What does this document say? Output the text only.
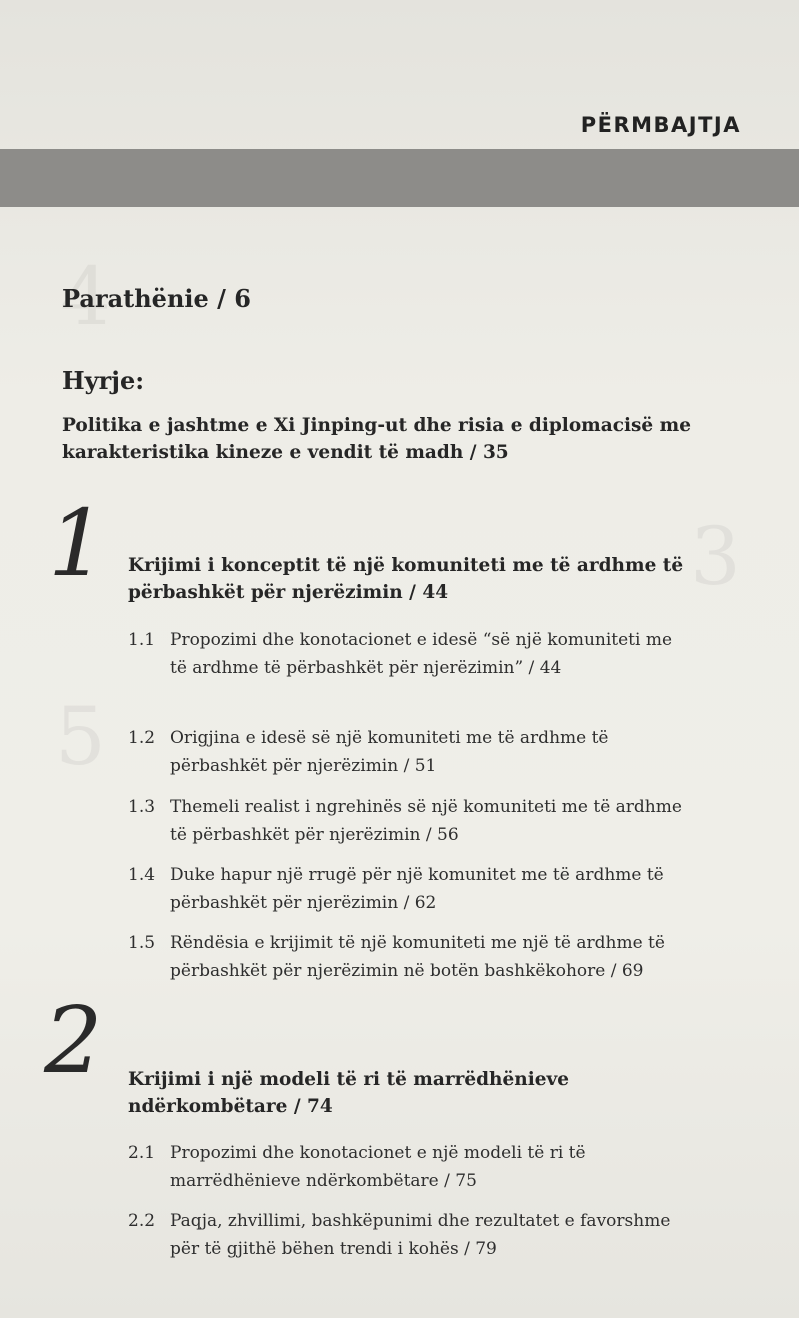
4
3
5
PËRMBAJTJA
Parathënie / 6
Hyrje:
Politika e jashtme e Xi Jinping-ut dhe risia e diplomacisë me karakteristika kineze e vendit të madh / 35
1 Krijimi i konceptit të një komuniteti me të ardhme të përbashkët për njerëzimin / 44
1.1 Propozimi dhe konotacionet e idesë “së një komuniteti me të ardhme të përbashkët për njerëzimin” / 44
1.2 Origjina e idesë së një komuniteti me të ardhme të përbashkët për njerëzimin / 51
1.3 Themeli realist i ngrehinës së një komuniteti me të ardhme të përbashkët për njerëzimin / 56
1.4 Duke hapur një rrugë për një komunitet me të ardhme të përbashkët për njerëzimin / 62
1.5 Rëndësia e krijimit të një komuniteti me një të ardhme të përbashkët për njerëzimin në botën bashkëkohore / 69
2 Krijimi i një modeli të ri të marrëdhënieve ndërkombëtare / 74
2.1 Propozimi dhe konotacionet e një modeli të ri të marrëdhënieve ndërkombëtare / 75
2.2 Paqja, zhvillimi, bashkëpunimi dhe rezultatet e favorshme për të gjithë bëhen trendi i kohës / 79
